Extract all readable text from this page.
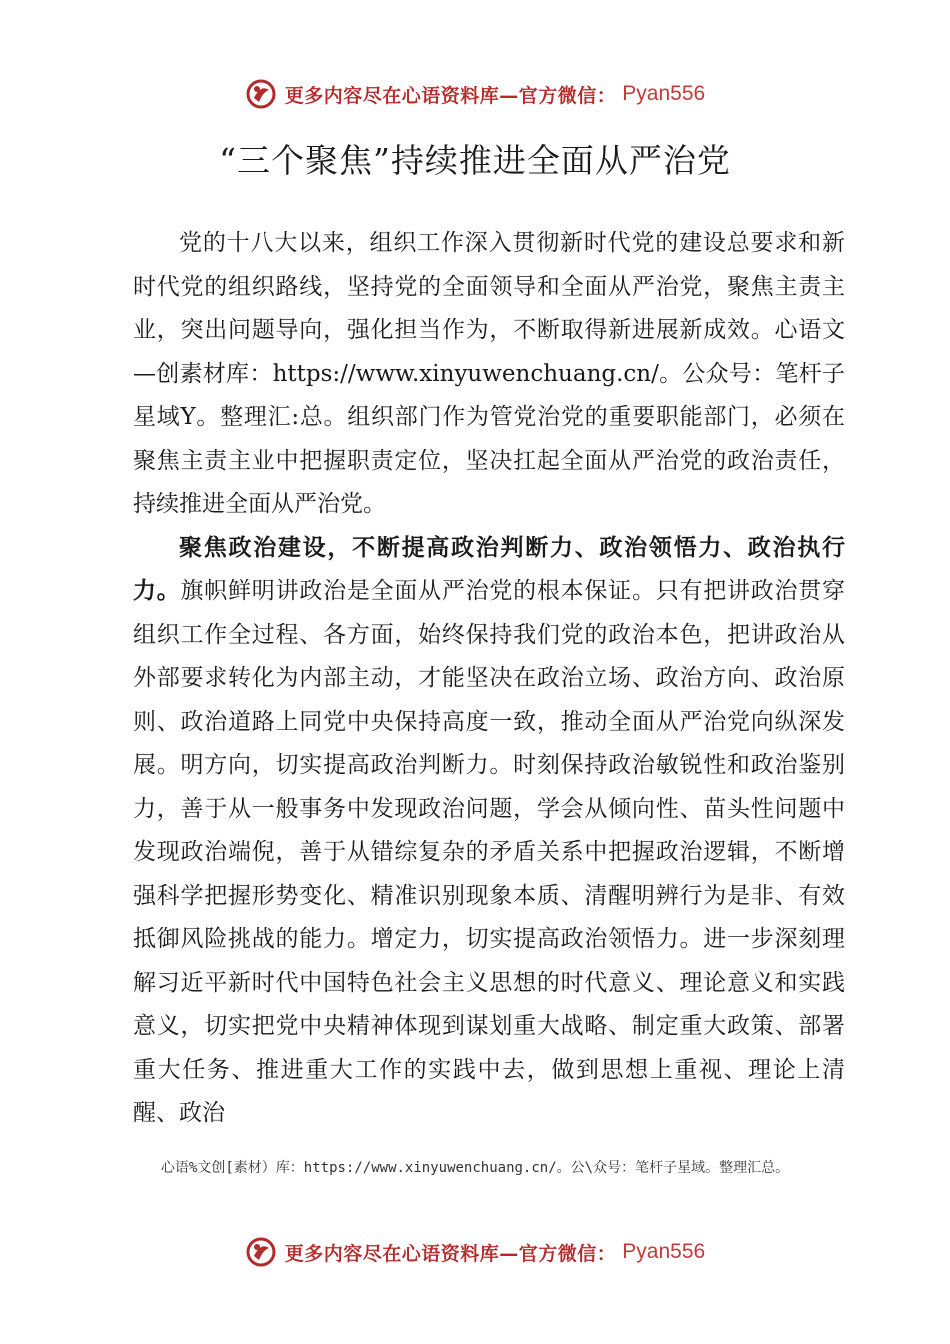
更多内容尽在心语资料库—官方微信： Pyan556
“三个聚焦”持续推进全面从严治党

党的十八大以来，组织工作深入贯彻新时代党的建设总要求和新时代党的组织路线，坚持党的全面领导和全面从严治党，聚焦主责主业，突出问题导向，强化担当作为，不断取得新进展新成效。心语文—创素材库：https://www.xinyuwenchuang.cn/。公众号：笔杆子星域Y。整理汇:总。组织部门作为管党治党的重要职能部门，必须在聚焦主责主业中把握职责定位，坚决扛起全面从严治党的政治责任，持续推进全面从严治党。

聚焦政治建设，不断提高政治判断力、政治领悟力、政治执行力。旗帜鲜明讲政治是全面从严治党的根本保证。只有把讲政治贯穿组织工作全过程、各方面，始终保持我们党的政治本色，把讲政治从外部要求转化为内部主动，才能坚决在政治立场、政治方向、政治原则、政治道路上同党中央保持高度一致，推动全面从严治党向纵深发展。明方向，切实提高政治判断力。时刻保持政治敏锐性和政治鉴别力，善于从一般事务中发现政治问题，学会从倾向性、苗头性问题中发现政治端倪，善于从错综复杂的矛盾关系中把握政治逻辑，不断增强科学把握形势变化、精准识别现象本质、清醒明辨行为是非、有效抵御风险挑战的能力。增定力，切实提高政治领悟力。进一步深刻理解习近平新时代中国特色社会主义思想的时代意义、理论意义和实践意义，切实把党中央精神体现到谋划重大战略、制定重大政策、部署重大任务、推进重大工作的实践中去，做到思想上重视、理论上清醒、政治

心语%文创[素材）库：https://www.xinyuwenchuang.cn/。公\众号：笔杆子星域。整理汇总。
更多内容尽在心语资料库—官方微信： Pyan556
